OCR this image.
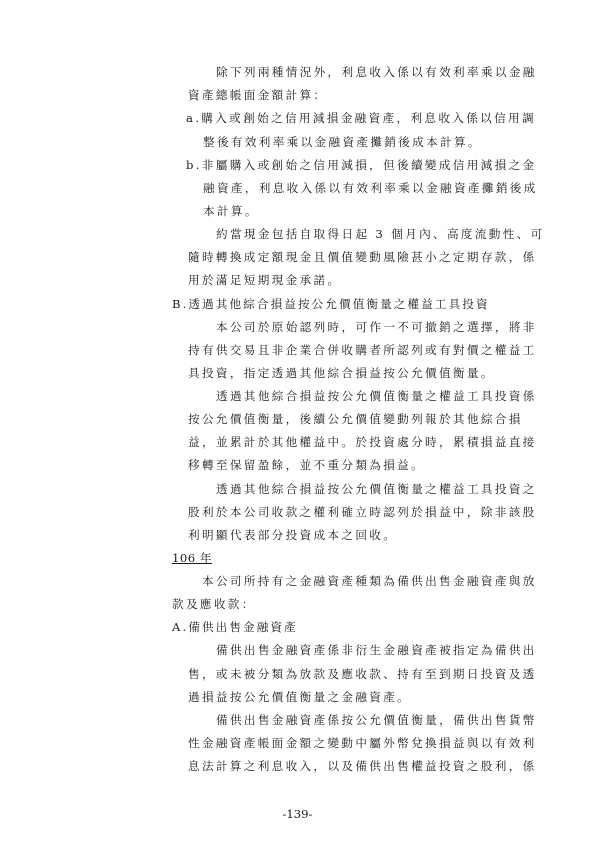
除下列兩種情況外，利息收入係以有效利率乘以金融

資產總帳面金額計算：

a.購入或創始之信用減損金融資產，利息收入係以信用調

整後有效利率乘以金融資產攤銷後成本計算。

b.非屬購入或創始之信用減損，但後續變成信用減損之金

融資產，利息收入係以有效利率乘以金融資產攤銷後成

本計算。

約當現金包括自取得日起 3 個月內、高度流動性、可

隨時轉換成定額現金且價值變動風險甚小之定期存款，係

用於滿足短期現金承諾。

B.透過其他綜合損益按公允價值衡量之權益工具投資

本公司於原始認列時，可作一不可撤銷之選擇，將非

持有供交易且非企業合併收購者所認列或有對價之權益工

具投資，指定透過其他綜合損益按公允價值衡量。

透過其他綜合損益按公允價值衡量之權益工具投資係

按公允價值衡量，後續公允價值變動列報於其他綜合損

益，並累計於其他權益中。於投資處分時，累積損益直接

移轉至保留盈餘，並不重分類為損益。

透過其他綜合損益按公允價值衡量之權益工具投資之

股利於本公司收款之權利確立時認列於損益中，除非該股

利明顯代表部分投資成本之回收。

106 年

本公司所持有之金融資產種類為備供出售金融資產與放

款及應收款：

A.備供出售金融資產

備供出售金融資產係非衍生金融資產被指定為備供出

售，或未被分類為放款及應收款、持有至到期日投資及透

過損益按公允價值衡量之金融資產。

備供出售金融資產係按公允價值衡量，備供出售貨幣

性金融資產帳面金額之變動中屬外幣兌換損益與以有效利

息法計算之利息收入，以及備供出售權益投資之股利，係

-139-
